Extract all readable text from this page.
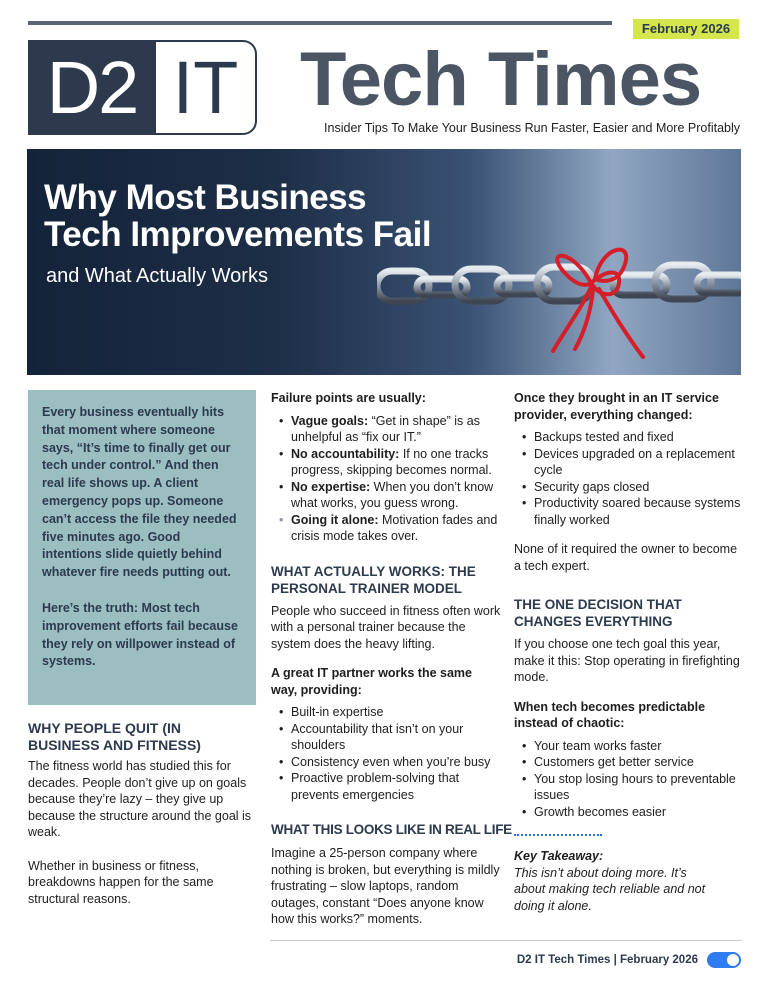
February 2026
D2 IT Tech Times
Insider Tips To Make Your Business Run Faster, Easier and More Profitably
Why Most Business
Tech Improvements Fail
and What Actually Works

Every business eventually hits that moment where someone says, “It’s time to finally get our tech under control.” And then real life shows up. A client emergency pops up. Someone can’t access the file they needed five minutes ago. Good intentions slide quietly behind whatever fire needs putting out.

Here’s the truth: Most tech improvement efforts fail because they rely on willpower instead of systems.

WHY PEOPLE QUIT (IN BUSINESS AND FITNESS)

The fitness world has studied this for decades. People don’t give up on goals because they’re lazy – they give up because the structure around the goal is weak.

Whether in business or fitness, breakdowns happen for the same structural reasons.

Failure points are usually:

• Vague goals: “Get in shape” is as unhelpful as “fix our IT.”
• No accountability: If no one tracks progress, skipping becomes normal.
• No expertise: When you don’t know what works, you guess wrong.
• Going it alone: Motivation fades and crisis mode takes over.
WHAT ACTUALLY WORKS: THE PERSONAL TRAINER MODEL

People who succeed in fitness often work with a personal trainer because the system does the heavy lifting.

A great IT partner works the same way, providing:

• Built-in expertise
• Accountability that isn’t on your shoulders
• Consistency even when you’re busy
• Proactive problem-solving that prevents emergencies
WHAT THIS LOOKS LIKE IN REAL LIFE

Imagine a 25-person company where nothing is broken, but everything is mildly frustrating – slow laptops, random outages, constant “Does anyone know how this works?” moments.

Once they brought in an IT service provider, everything changed:

• Backups tested and fixed
• Devices upgraded on a replacement cycle
• Security gaps closed
• Productivity soared because systems finally worked

None of it required the owner to become a tech expert.

THE ONE DECISION THAT CHANGES EVERYTHING

If you choose one tech goal this year, make it this: Stop operating in firefighting mode.

When tech becomes predictable instead of chaotic:

• Your team works faster
• Customers get better service
• You stop losing hours to preventable issues
• Growth becomes easier

Key Takeaway:

This isn’t about doing more. It’s about making tech reliable and not doing it alone.

D2 IT Tech Times | February 2026
